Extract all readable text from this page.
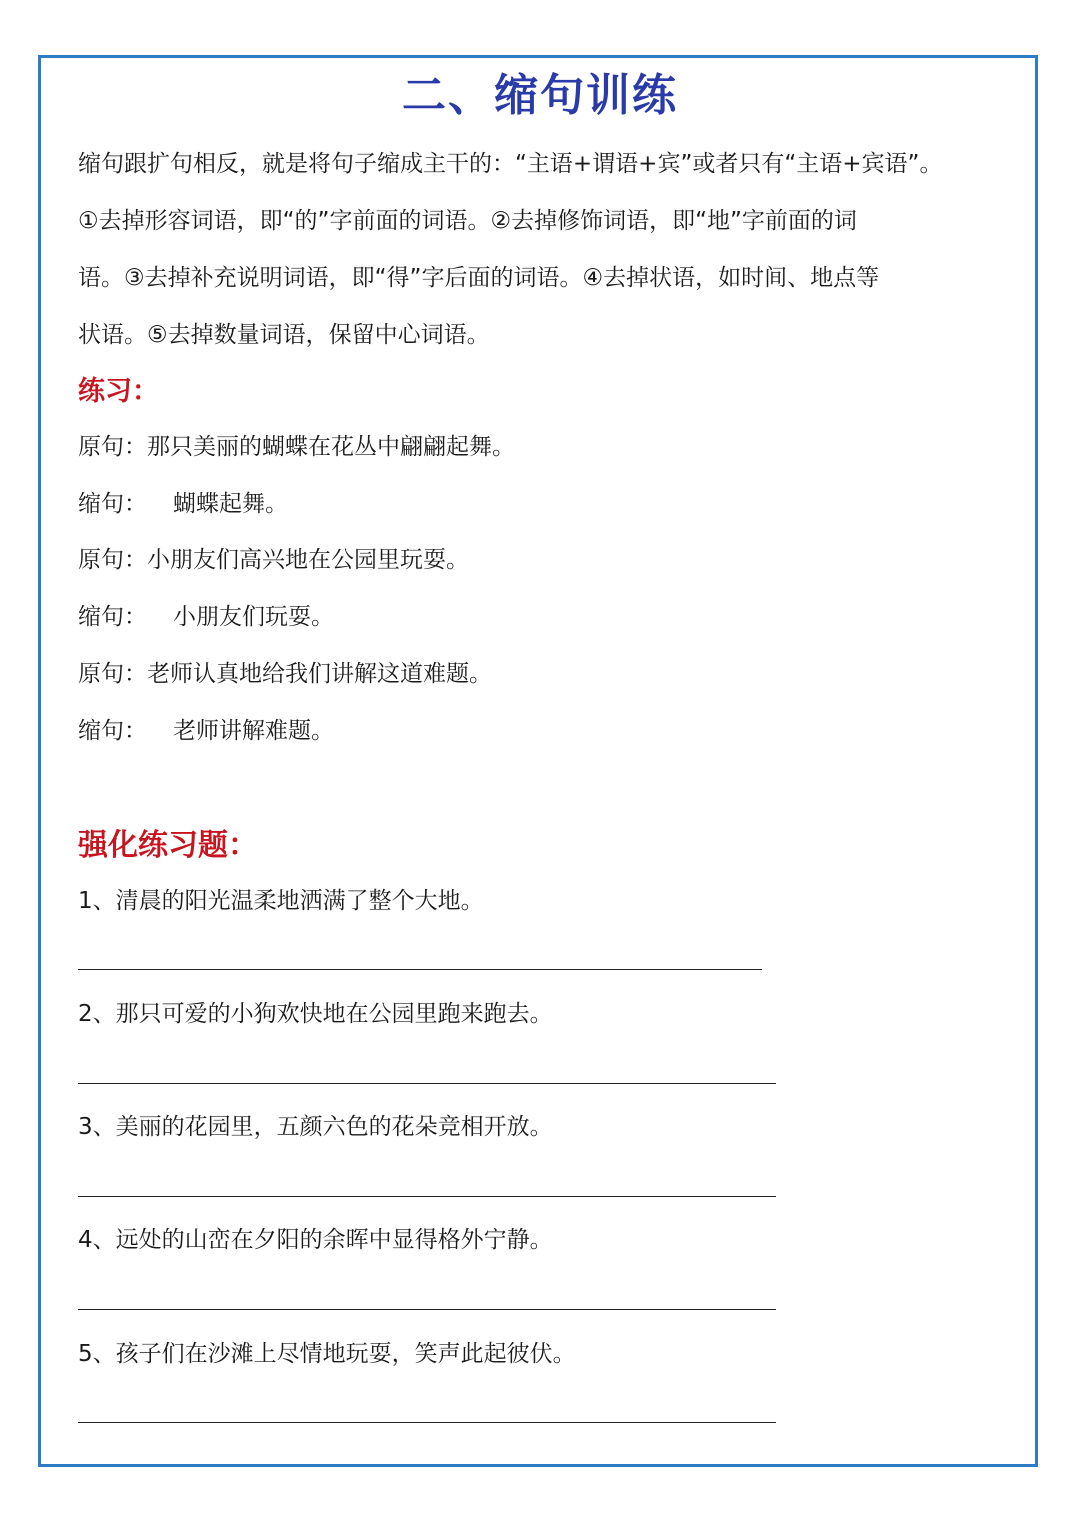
二、缩句训练

缩句跟扩句相反，就是将句子缩成主干的：“主语+谓语+宾”或者只有“主语+宾语”。

①去掉形容词语，即“的”字前面的词语。②去掉修饰词语，即“地”字前面的词

语。③去掉补充说明词语，即“得”字后面的词语。④去掉状语，如时间、地点等

状语。⑤去掉数量词语，保留中心词语。

练习：
原句：那只美丽的蝴蝶在花丛中翩翩起舞。
缩句： 蝴蝶起舞。
原句：小朋友们高兴地在公园里玩耍。
缩句： 小朋友们玩耍。
原句：老师认真地给我们讲解这道难题。
缩句： 老师讲解难题。
强化练习题：
1、清晨的阳光温柔地洒满了整个大地。
2、那只可爱的小狗欢快地在公园里跑来跑去。
3、美丽的花园里，五颜六色的花朵竞相开放。
4、远处的山峦在夕阳的余晖中显得格外宁静。
5、孩子们在沙滩上尽情地玩耍，笑声此起彼伏。
